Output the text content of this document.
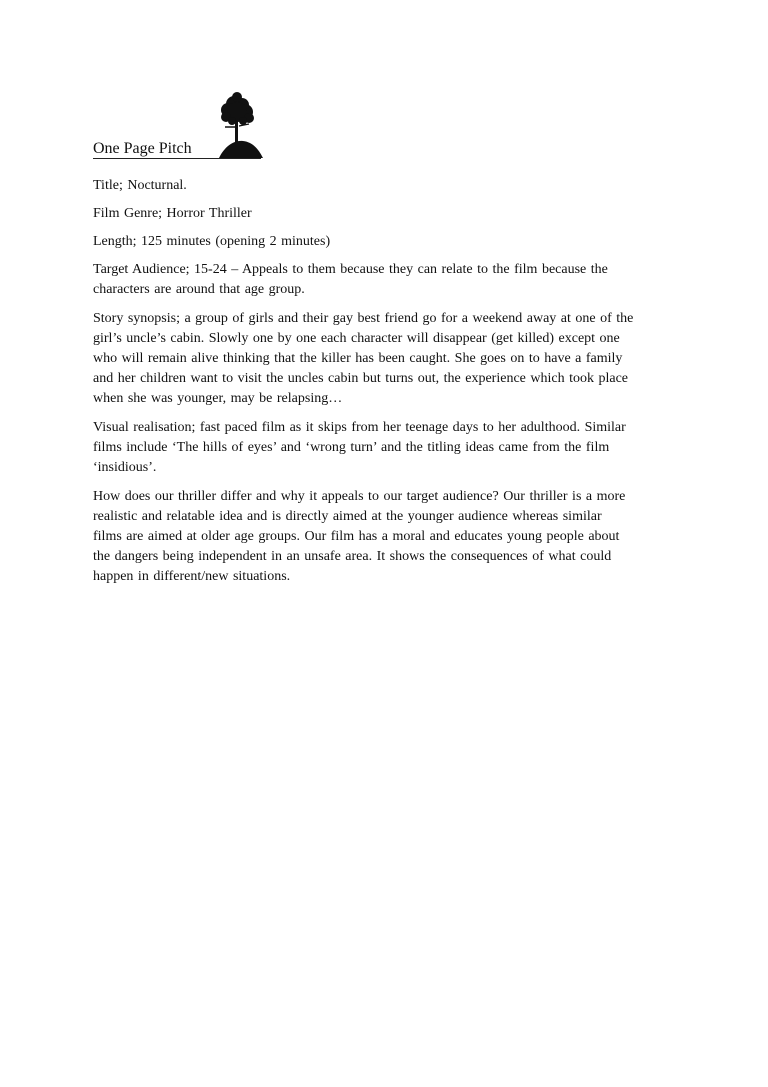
One Page Pitch

Title; Nocturnal.

Film Genre; Horror Thriller

Length; 125 minutes (opening 2 minutes)

Target Audience; 15-24 – Appeals to them because they can relate to the film because the
characters are around that age group.

Story synopsis; a group of girls and their gay best friend go for a weekend away at one of the
girl’s uncle’s cabin. Slowly one by one each character will disappear (get killed) except one
who will remain alive thinking that the killer has been caught. She goes on to have a family
and her children want to visit the uncles cabin but turns out, the experience which took place
when she was younger, may be relapsing…

Visual realisation; fast paced film as it skips from her teenage days to her adulthood. Similar
films include ‘The hills of eyes’ and ‘wrong turn’ and the titling ideas came from the film
‘insidious’.

How does our thriller differ and why it appeals to our target audience? Our thriller is a more
realistic and relatable idea and is directly aimed at the younger audience whereas similar
films are aimed at older age groups. Our film has a moral and educates young people about
the dangers being independent in an unsafe area. It shows the consequences of what could
happen in different/new situations.
